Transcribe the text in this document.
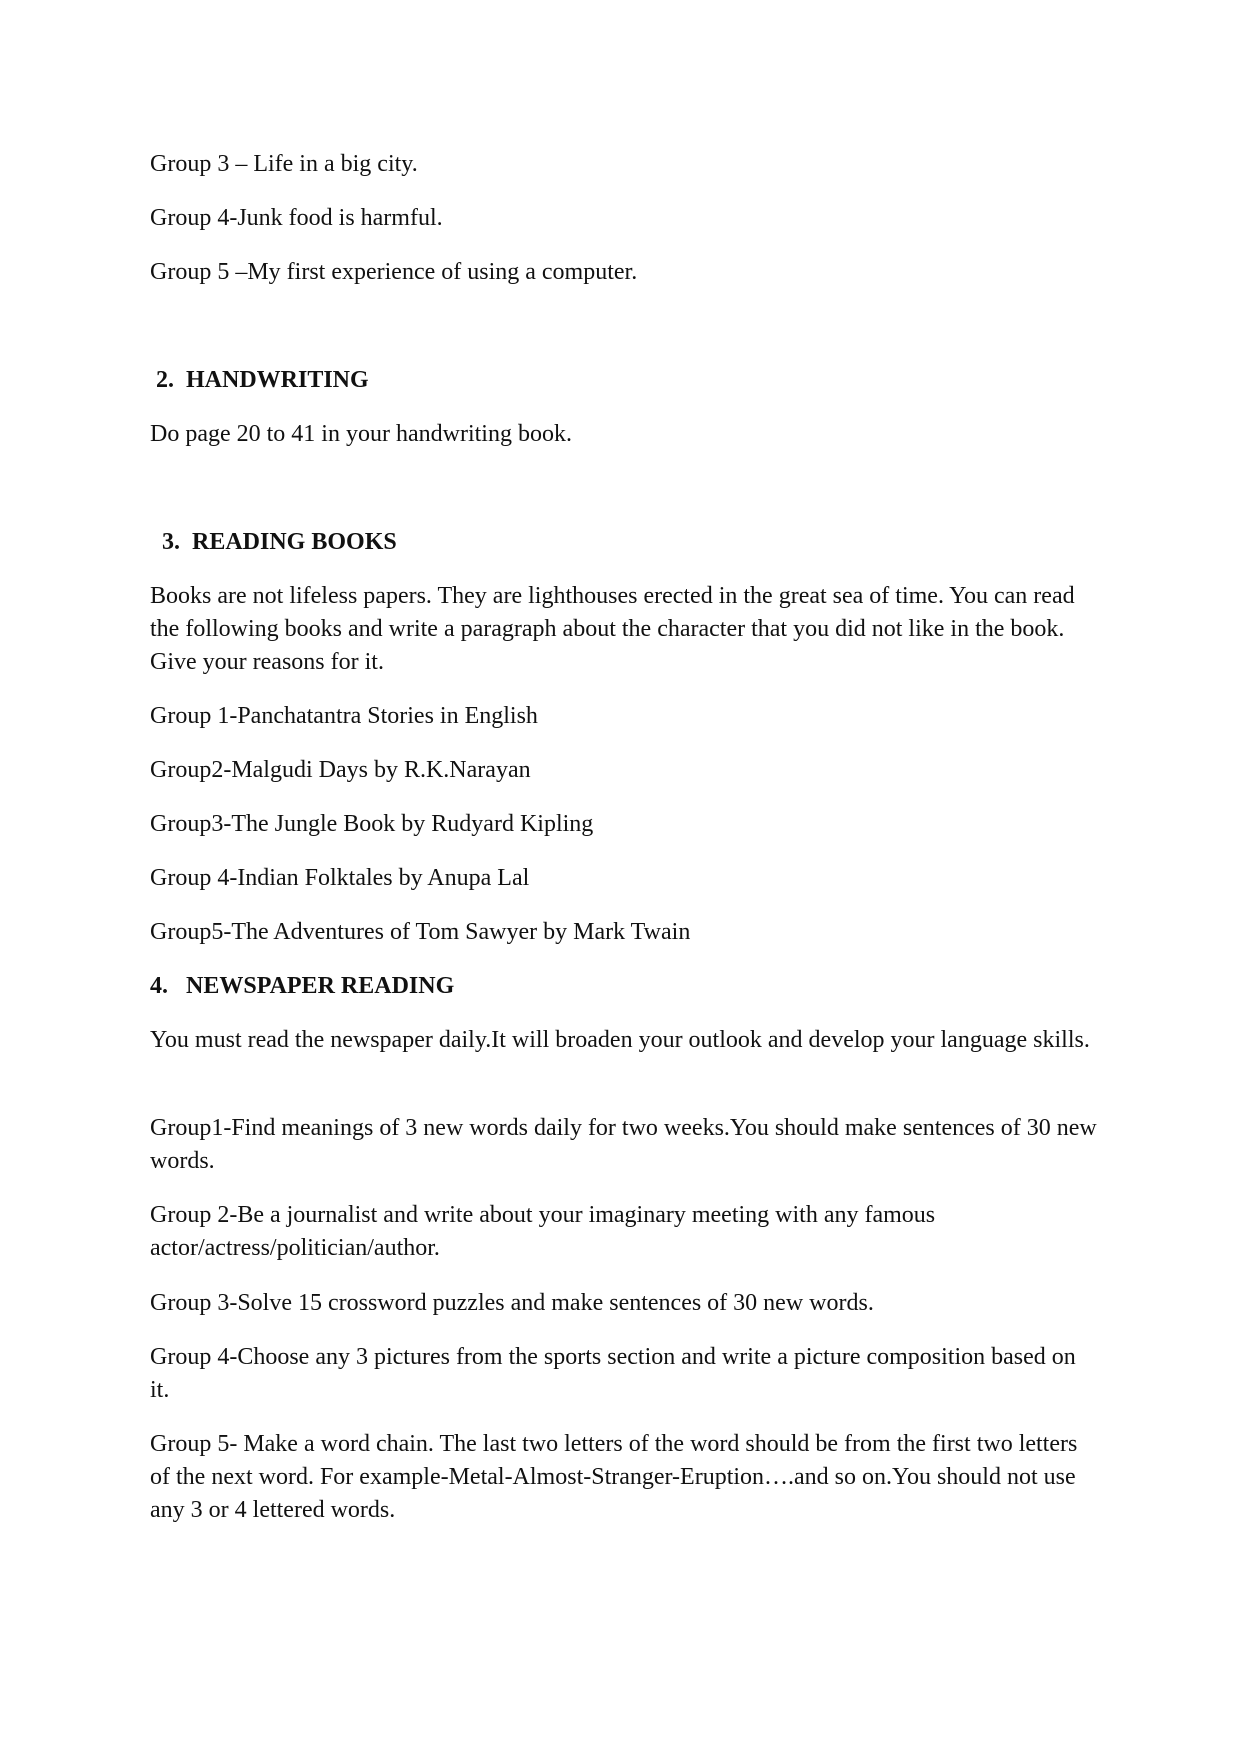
Group 3 – Life in a big city.

Group 4-Junk food is harmful.

Group 5 –My first experience of using a computer.

2.  HANDWRITING

Do page 20 to 41 in your handwriting book.

3.  READING BOOKS

Books are not lifeless papers. They are lighthouses erected in the great sea of time. You can read the following books and write a paragraph about the character that you did not like in the book. Give your reasons for it.

Group 1-Panchatantra Stories in English

Group2-Malgudi Days by R.K.Narayan

Group3-The Jungle Book by Rudyard Kipling

Group 4-Indian Folktales by Anupa Lal

Group5-The Adventures of Tom Sawyer by Mark Twain

4.   NEWSPAPER READING

You must read the newspaper daily.It will broaden your outlook and develop your language skills.

Group1-Find meanings of 3 new words daily for two weeks.You should make sentences of 30 new words.

Group 2-Be a journalist and write about your imaginary meeting with any famous actor/actress/politician/author.

Group 3-Solve 15 crossword puzzles and make sentences of 30 new words.

Group 4-Choose any 3 pictures from the sports section and write a picture composition based on it.

Group 5- Make a word chain. The last two letters of the word should be from the first two letters of the next word. For example-Metal-Almost-Stranger-Eruption….and so on.You should not use any 3 or 4 lettered words.
